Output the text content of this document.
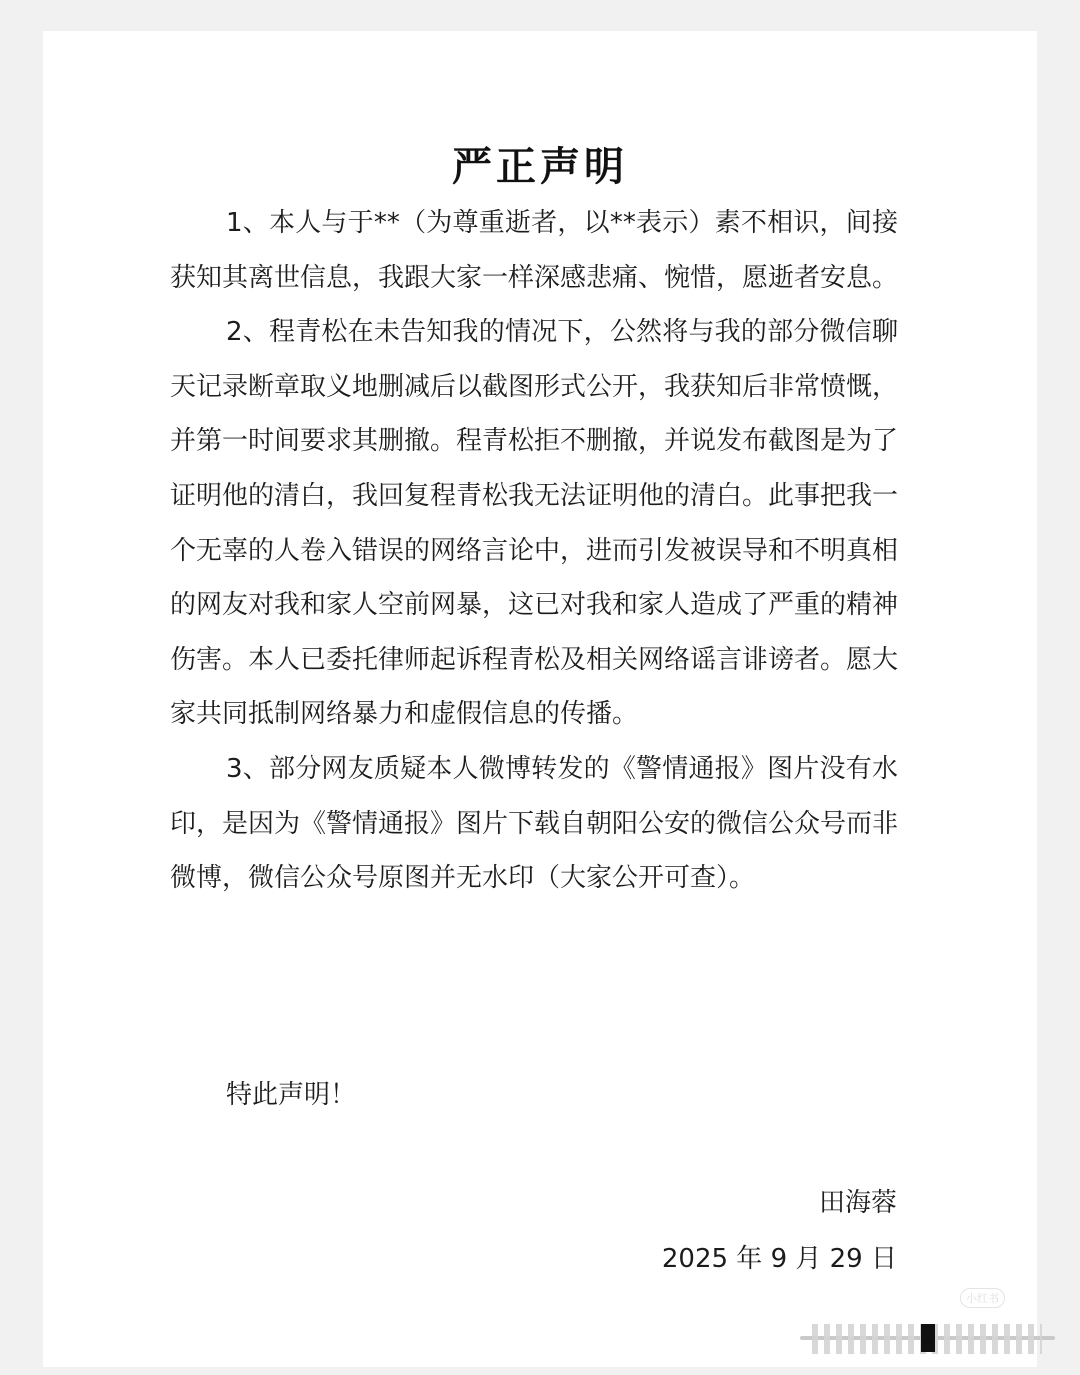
严正声明

1、本人与于**（为尊重逝者，以**表示）素不相识，间接获知其离世信息，我跟大家一样深感悲痛、惋惜，愿逝者安息。

2、程青松在未告知我的情况下，公然将与我的部分微信聊天记录断章取义地删减后以截图形式公开，我获知后非常愤慨，并第一时间要求其删撤。程青松拒不删撤，并说发布截图是为了证明他的清白，我回复程青松我无法证明他的清白。此事把我一个无辜的人卷入错误的网络言论中，进而引发被误导和不明真相的网友对我和家人空前网暴，这已对我和家人造成了严重的精神伤害。本人已委托律师起诉程青松及相关网络谣言诽谤者。愿大家共同抵制网络暴力和虚假信息的传播。

3、部分网友质疑本人微博转发的《警情通报》图片没有水印，是因为《警情通报》图片下载自朝阳公安的微信公众号而非微博，微信公众号原图并无水印（大家公开可查）。

特此声明！
田海蓉
2025 年 9 月 29 日
小红书
